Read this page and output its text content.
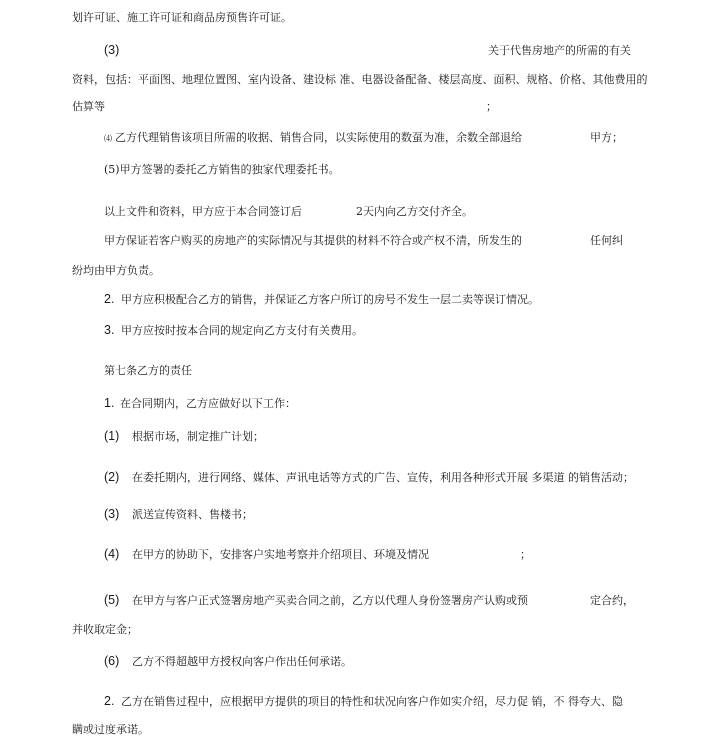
划许可证、施工许可证和商品房预售许可证。
(3)	关于代售房地产的所需的有关
资料，包括：平面图、地理位置图、室内设备、建设标 准、电器设备配备、楼层高度、面积、规格、价格、其他费用的
估算等	；
⑷ 乙方代理销售该项目所需的收据、销售合同，以实际使用的数虿为准，余数全部退给	甲方；
(5)甲方签署的委托乙方销售的独家代理委托书。
以上文件和资料，甲方应于本合同签订后	2天内向乙方交付齐全。
甲方保证若客户购买的房地产的实际情况与其提供的材料不符合或产权不清，所发生的	任何纠
纷均由甲方负责。
2. 甲方应积极配合乙方的销售，并保证乙方客户所订的房号不发生一层二卖等误订情况。
3. 甲方应按时按本合同的规定向乙方支付有关费用。
第七条乙方的责任
1. 在合同期内，乙方应做好以下工作：
(1) 根据市场，制定推广计划；
(2) 在委托期内，进行网络、媒体、声讯电话等方式的广告、宣传，利用各种形式开展 多渠道 的销售活动；
(3) 派送宣传资料、售楼书；
(4) 在甲方的协助下，安排客户实地考察并介绍项目、环境及情况	；
(5) 在甲方与客户正式签署房地产买卖合同之前，乙方以代理人身份签署房产认购或预	定合约，
并收取定金；
(6) 乙方不得超越甲方授权向客户作出任何承诺。
2. 乙方在销售过程中，应根据甲方提供的项目的特性和状况向客户作如实介绍，尽力促 销，不 得夸大、隐
瞒或过度承诺。
